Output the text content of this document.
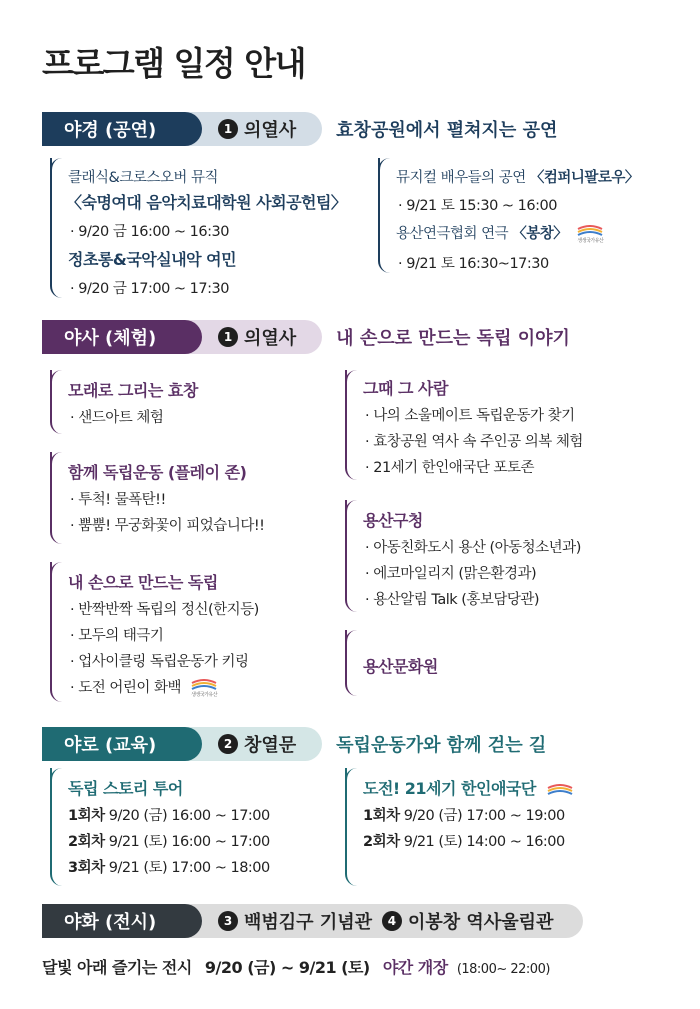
프로그램 일정 안내
야경 (공연)	1 의열사 효창공원에서 펼쳐지는 공연
클래식&크로스오버 뮤직
〈숙명여대 음악치료대학원 사회공헌팀〉
· 9/20 금 16:00 ~ 16:30
정초롱&국악실내악 여민
· 9/20 금 17:00 ~ 17:30
뮤지컬 배우들의 공연 〈컴퍼니팔로우〉
· 9/21 토 15:30 ~ 16:00
용산연극협회 연극 〈봉창〉 생생국가유산
· 9/21 토 16:30~17:30
야사 (체험)	1 의열사 내 손으로 만드는 독립 이야기
모래로 그리는 효창
· 샌드아트 체험
함께 독립운동 (플레이 존)
· 투척! 물폭탄!!
· 뿜뿜! 무궁화꽃이 피었습니다!!
내 손으로 만드는 독립
· 반짝반짝 독립의 정신(한지등)
· 모두의 태극기
· 업사이클링 독립운동가 키링
· 도전 어린이 화백 생생국가유산
그때 그 사람
· 나의 소울메이트 독립운동가 찾기
· 효창공원 역사 속 주인공 의복 체험
· 21세기 한인애국단 포토존
용산구청
· 아동친화도시 용산 (아동청소년과)
· 에코마일리지 (맑은환경과)
· 용산알림 Talk (홍보담당관)
용산문화원
야로 (교육)	2 창열문 독립운동가와 함께 걷는 길
독립 스토리 투어
1회차 9/20 (금) 16:00 ~ 17:00
2회차 9/21 (토) 16:00 ~ 17:00
3회차 9/21 (토) 17:00 ~ 18:00
도전! 21세기 한인애국단
1회차 9/20 (금) 17:00 ~ 19:00
2회차 9/21 (토) 14:00 ~ 16:00
야화 (전시)	3 백범김구 기념관	4 이봉창 역사울림관
달빛 아래 즐기는 전시 9/20 (금) ~ 9/21 (토) 야간 개장 (18:00~ 22:00)
